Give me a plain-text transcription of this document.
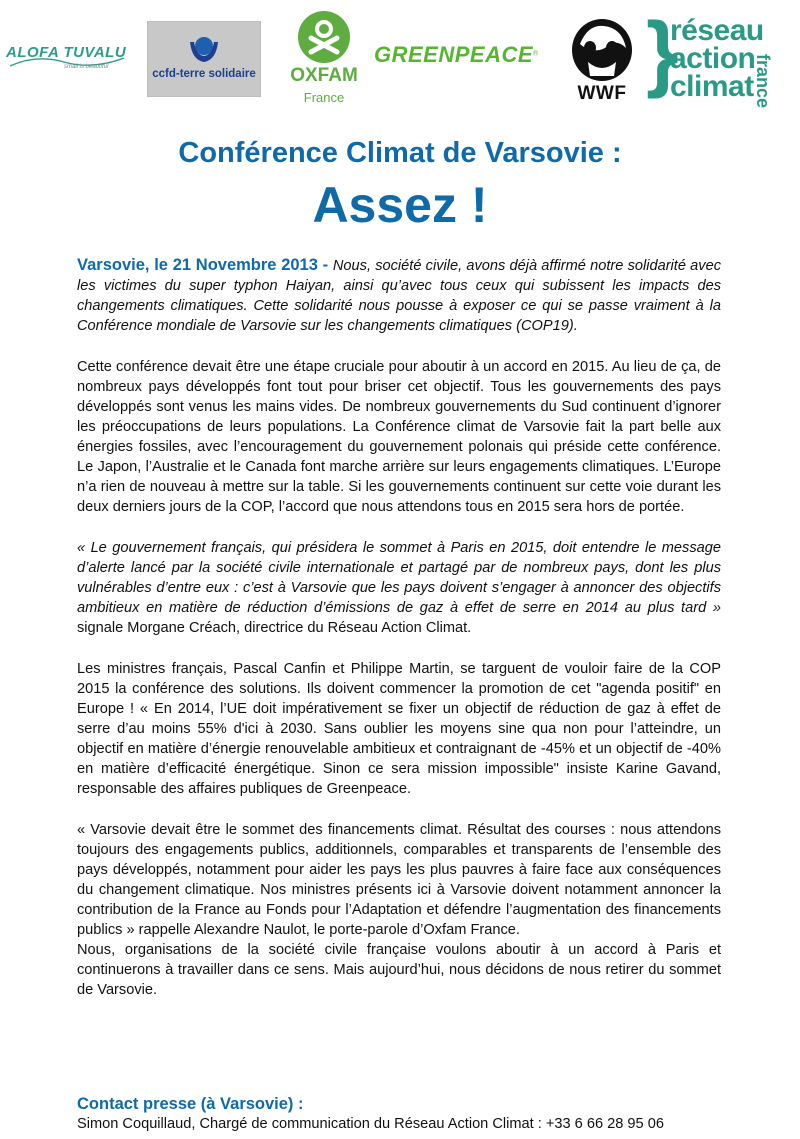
ALOFA TUVALU
small is beautiful
ccfd-terre solidaire OXFAM
France
GREENPEACE®
WWF }
réseau
action
climat france
Conférence Climat de Varsovie :
Assez !

Varsovie, le 21 Novembre 2013 - Nous, société civile, avons déjà affirmé notre solidarité avec les victimes du super typhon Haiyan, ainsi qu’avec tous ceux qui subissent les impacts des changements climatiques. Cette solidarité nous pousse à exposer ce qui se passe vraiment à la Conférence mondiale de Varsovie sur les changements climatiques (COP19).

Cette conférence devait être une étape cruciale pour aboutir à un accord en 2015. Au lieu de ça, de nombreux pays développés font tout pour briser cet objectif. Tous les gouvernements des pays développés sont venus les mains vides. De nombreux gouvernements du Sud continuent d’ignorer les préoccupations de leurs populations. La Conférence climat de Varsovie fait la part belle aux énergies fossiles, avec l’encouragement du gouvernement polonais qui préside cette conférence. Le Japon, l’Australie et le Canada font marche arrière sur leurs engagements climatiques. L’Europe n’a rien de nouveau à mettre sur la table. Si les gouvernements continuent sur cette voie durant les deux derniers jours de la COP, l’accord que nous attendons tous en 2015 sera hors de portée.

« Le gouvernement français, qui présidera le sommet à Paris en 2015, doit entendre le message d’alerte lancé par la société civile internationale et partagé par de nombreux pays, dont les plus vulnérables d’entre eux : c’est à Varsovie que les pays doivent s’engager à annoncer des objectifs ambitieux en matière de réduction d’émissions de gaz à effet de serre en 2014 au plus tard » signale Morgane Créach, directrice du Réseau Action Climat.

Les ministres français, Pascal Canfin et Philippe Martin, se targuent de vouloir faire de la COP 2015 la conférence des solutions. Ils doivent commencer la promotion de cet "agenda positif" en Europe ! « En 2014, l’UE doit impérativement se fixer un objectif de réduction de gaz à effet de serre d’au moins 55% d'ici à 2030. Sans oublier les moyens sine qua non pour l’atteindre, un objectif en matière d’énergie renouvelable ambitieux et contraignant de -45% et un objectif de -40% en matière d’efficacité énergétique. Sinon ce sera mission impossible" insiste Karine Gavand, responsable des affaires publiques de Greenpeace.

« Varsovie devait être le sommet des financements climat. Résultat des courses : nous attendons toujours des engagements publics, additionnels, comparables et transparents de l’ensemble des pays développés, notamment pour aider les pays les plus pauvres à faire face aux conséquences du changement climatique. Nos ministres présents ici à Varsovie doivent notamment annoncer la contribution de la France au Fonds pour l’Adaptation et défendre l’augmentation des financements publics » rappelle Alexandre Naulot, le porte-parole d’Oxfam France.

Nous, organisations de la société civile française voulons aboutir à un accord à Paris et continuerons à travailler dans ce sens. Mais aujourd’hui, nous décidons de nous retirer du sommet de Varsovie.

Contact presse (à Varsovie) :

Simon Coquillaud, Chargé de communication du Réseau Action Climat : +33 6 66 28 95 06
